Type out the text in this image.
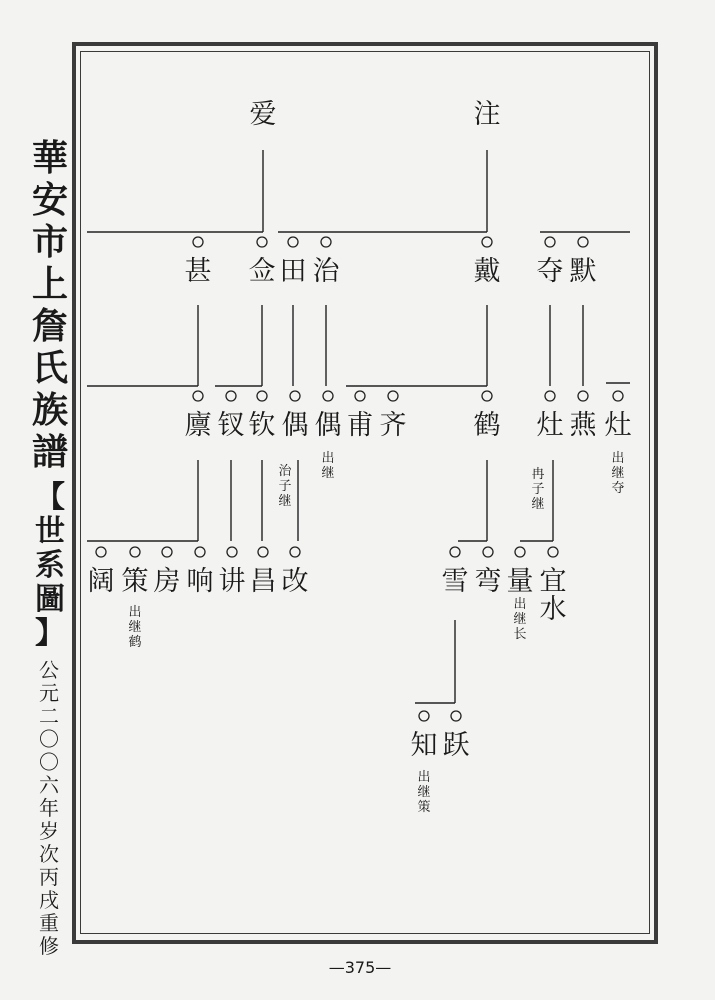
華
安
市
上
詹
氏
族
譜
【
世
系
圖
】
公
元
二
〇
〇
六
年
岁
次
丙
戌
重
修
爱	注
甚 佥 田 治	戴 夺 默
廪 钗 钦 偶 偶 甫 齐 鹤 灶 燕 灶
阔 策 房 响 讲 昌 改	雪 弯 量 宜水
知 跃
治子继
出继
出继夺
冉子继
出继鹤
出继长
出继策
—375—
